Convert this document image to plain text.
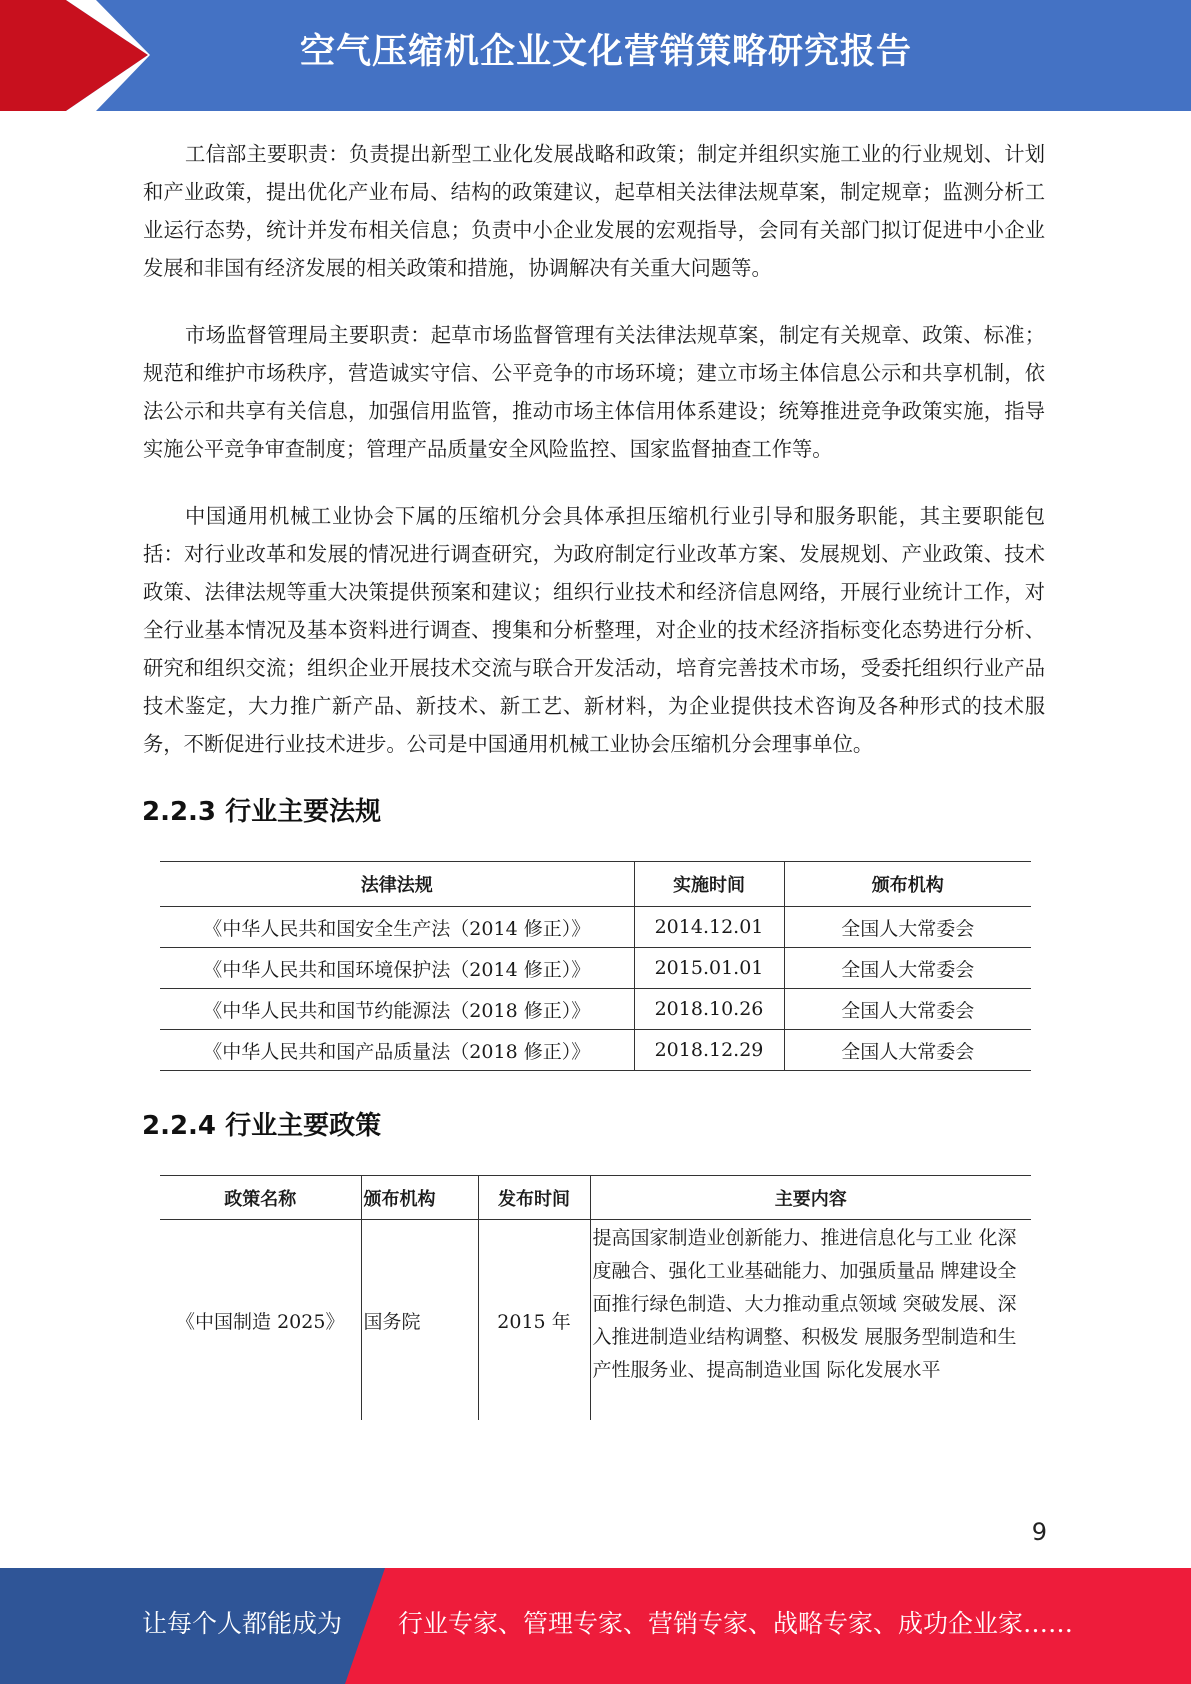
空气压缩机企业文化营销策略研究报告

工信部主要职责：负责提出新型工业化发展战略和政策；制定并组织实施工业的行业规划、计划和产业政策，提出优化产业布局、结构的政策建议，起草相关法律法规草案，制定规章；监测分析工业运行态势，统计并发布相关信息；负责中小企业发展的宏观指导，会同有关部门拟订促进中小企业发展和非国有经济发展的相关政策和措施，协调解决有关重大问题等。

市场监督管理局主要职责：起草市场监督管理有关法律法规草案，制定有关规章、政策、标准；规范和维护市场秩序，营造诚实守信、公平竞争的市场环境；建立市场主体信息公示和共享机制，依法公示和共享有关信息，加强信用监管，推动市场主体信用体系建设；统筹推进竞争政策实施，指导实施公平竞争审查制度；管理产品质量安全风险监控、国家监督抽查工作等。

中国通用机械工业协会下属的压缩机分会具体承担压缩机行业引导和服务职能，其主要职能包括：对行业改革和发展的情况进行调查研究，为政府制定行业改革方案、发展规划、产业政策、技术政策、法律法规等重大决策提供预案和建议；组织行业技术和经济信息网络，开展行业统计工作，对全行业基本情况及基本资料进行调查、搜集和分析整理，对企业的技术经济指标变化态势进行分析、研究和组织交流；组织企业开展技术交流与联合开发活动，培育完善技术市场，受委托组织行业产品技术鉴定，大力推广新产品、新技术、新工艺、新材料，为企业提供技术咨询及各种形式的技术服务，不断促进行业技术进步。公司是中国通用机械工业协会压缩机分会理事单位。

2.2.3 行业主要法规
法律法规	实施时间	颁布机构
《中华人民共和国安全生产法（2014 修正）》	2014.12.01	全国人大常委会
《中华人民共和国环境保护法（2014 修正）》	2015.01.01	全国人大常委会
《中华人民共和国节约能源法（2018 修正）》	2018.10.26	全国人大常委会
《中华人民共和国产品质量法（2018 修正）》	2018.12.29	全国人大常委会
2.2.4 行业主要政策
政策名称	颁布机构	发布时间	主要内容
《中国制造 2025》	国务院	2015 年	提高国家制造业创新能力、推进信息化与工业 化深度融合、强化工业基础能力、加强质量品 牌建设全面推行绿色制造、大力推动重点领域 突破发展、深入推进制造业结构调整、积极发 展服务型制造和生产性服务业、提高制造业国 际化发展水平

9

让每个人都能成为 行业专家、管理专家、营销专家、战略专家、成功企业家……
